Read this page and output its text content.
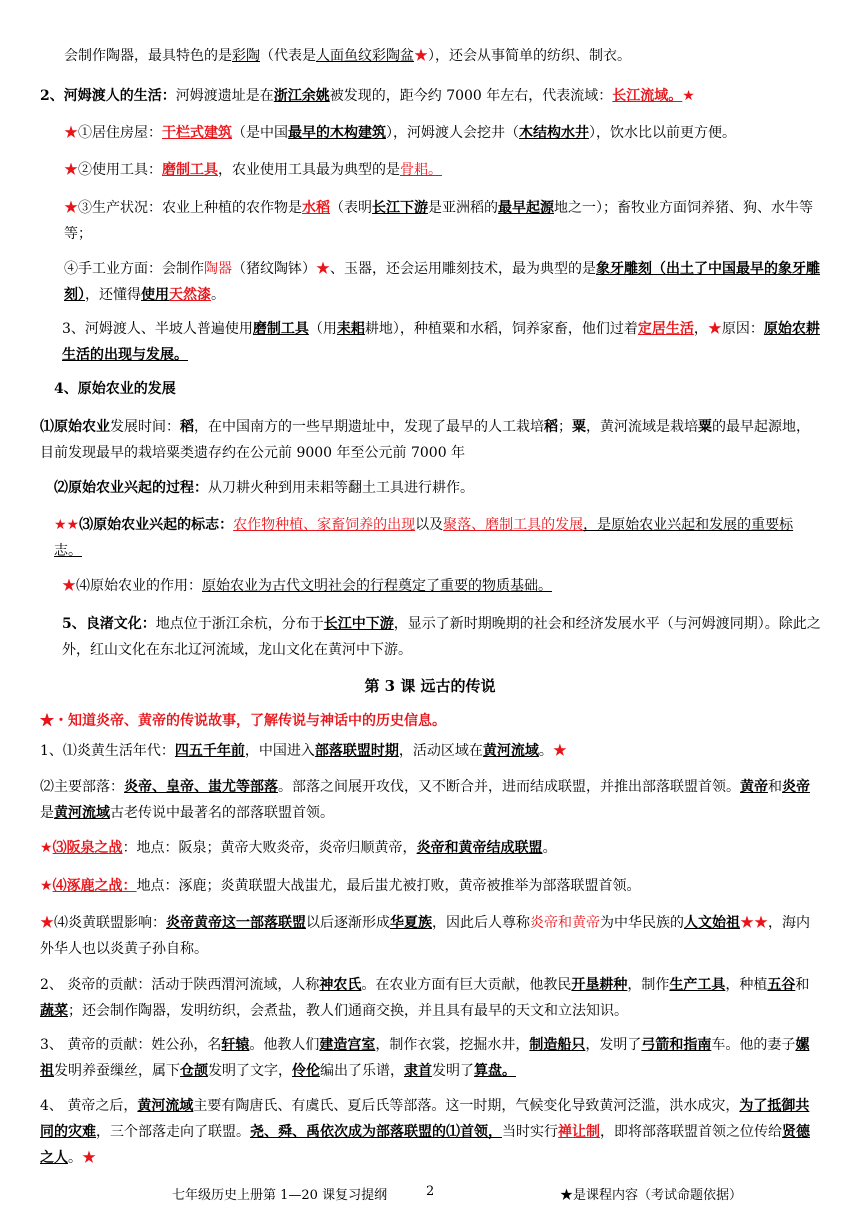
会制作陶器，最具特色的是彩陶（代表是人面鱼纹彩陶盆★），还会从事简单的纺织、制衣。
2、河姆渡人的生活：河姆渡遗址是在浙江余姚被发现的，距今约 7000 年左右，代表流域：长江流域。★
★①居住房屋：干栏式建筑（是中国最早的木构建筑），河姆渡人会挖井（木结构水井），饮水比以前更方便。
★②使用工具：磨制工具，农业使用工具最为典型的是骨耜。
★③生产状况：农业上种植的农作物是水稻（表明长江下游是亚洲稻的最早起源地之一）；畜牧业方面饲养猪、狗、水牛等等；
④手工业方面：会制作陶器（猪纹陶钵）★、玉器，还会运用雕刻技术，最为典型的是象牙雕刻（出土了中国最早的象牙雕刻），还懂得使用天然漆。
3、河姆渡人、半坡人普遍使用磨制工具（用耒耜耕地），种植粟和水稻，饲养家畜，他们过着定居生活，★原因：原始农耕生活的出现与发展。
4、原始农业的发展
⑴原始农业发展时间：稻，在中国南方的一些早期遗址中，发现了最早的人工栽培稻；粟，黄河流域是栽培粟的最早起源地，目前发现最早的栽培粟类遗存约在公元前 9000 年至公元前 7000 年
⑵原始农业兴起的过程：从刀耕火种到用耒耜等翻土工具进行耕作。
★★⑶原始农业兴起的标志：农作物种植、家畜饲养的出现以及聚落、磨制工具的发展，是原始农业兴起和发展的重要标志。
★⑷原始农业的作用：原始农业为古代文明社会的行程奠定了重要的物质基础。
5、良渚文化：地点位于浙江余杭，分布于长江中下游，显示了新时期晚期的社会和经济发展水平（与河姆渡同期）。除此之外，红山文化在东北辽河流域，龙山文化在黄河中下游。
第 3 课 远古的传说
★・知道炎帝、黄帝的传说故事，了解传说与神话中的历史信息。
1、⑴炎黄生活年代：四五千年前，中国进入部落联盟时期，活动区域在黄河流域。★
⑵主要部落：炎帝、皇帝、蚩尤等部落。部落之间展开攻伐，又不断合并，进而结成联盟，并推出部落联盟首领。黄帝和炎帝是黄河流域古老传说中最著名的部落联盟首领。
★⑶阪泉之战：地点：阪泉；黄帝大败炎帝，炎帝归顺黄帝，炎帝和黄帝结成联盟。
★⑷涿鹿之战：地点：涿鹿；炎黄联盟大战蚩尤，最后蚩尤被打败，黄帝被推举为部落联盟首领。
★⑷炎黄联盟影响：炎帝黄帝这一部落联盟以后逐渐形成华夏族，因此后人尊称炎帝和黄帝为中华民族的人文始祖★★，海内外华人也以炎黄子孙自称。
2、 炎帝的贡献：活动于陕西渭河流域，人称神农氏。在农业方面有巨大贡献，他教民开垦耕种，制作生产工具，种植五谷和蔬菜；还会制作陶器，发明纺织，会煮盐，教人们通商交换，并且具有最早的天文和立法知识。
3、 黄帝的贡献：姓公孙，名轩辕。他教人们建造宫室，制作衣裳，挖掘水井，制造船只，发明了弓箭和指南车。他的妻子嫘祖发明养蚕缫丝，属下仓颉发明了文字，伶伦编出了乐谱，隶首发明了算盘。
4、 黄帝之后，黄河流域主要有陶唐氏、有虞氏、夏后氏等部落。这一时期，气候变化导致黄河泛滥，洪水成灾，为了抵御共同的灾难，三个部落走向了联盟。尧、舜、禹依次成为部落联盟的⑴首领，当时实行禅让制，即将部落联盟首领之位传给贤德之人。★
七年级历史上册第 1—20 课复习提纲	2	★是课程内容（考试命题依据）
